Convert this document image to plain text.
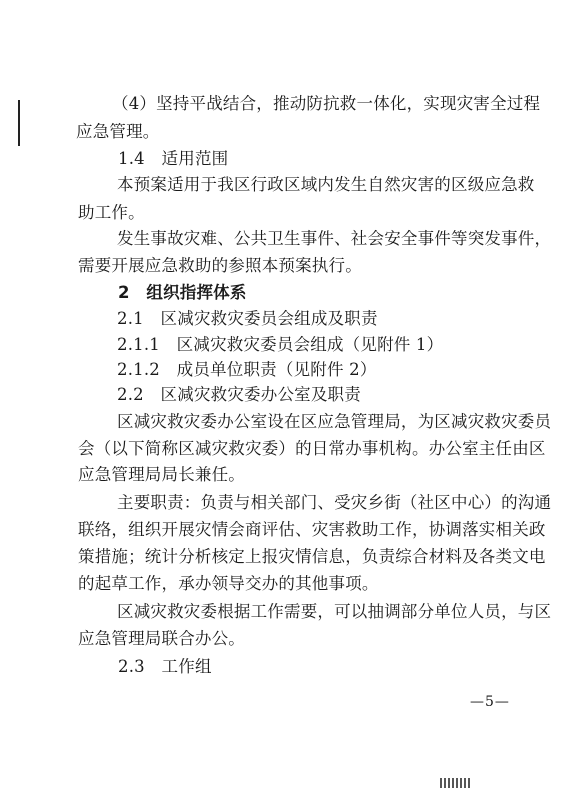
（4）坚持平战结合，推动防抗救一体化，实现灾害全过程
应急管理。
1.4　适用范围
本预案适用于我区行政区域内发生自然灾害的区级应急救
助工作。
发生事故灾难、公共卫生事件、社会安全事件等突发事件，
需要开展应急救助的参照本预案执行。
2　组织指挥体系
2.1　区减灾救灾委员会组成及职责
2.1.1　区减灾救灾委员会组成（见附件 1）
2.1.2　成员单位职责（见附件 2）
2.2　区减灾救灾委办公室及职责
区减灾救灾委办公室设在区应急管理局，为区减灾救灾委员
会（以下简称区减灾救灾委）的日常办事机构。办公室主任由区
应急管理局局长兼任。
主要职责：负责与相关部门、受灾乡街（社区中心）的沟通
联络，组织开展灾情会商评估、灾害救助工作，协调落实相关政
策措施；统计分析核定上报灾情信息，负责综合材料及各类文电
的起草工作，承办领导交办的其他事项。
区减灾救灾委根据工作需要，可以抽调部分单位人员，与区
应急管理局联合办公。
2.3　工作组
—5—
